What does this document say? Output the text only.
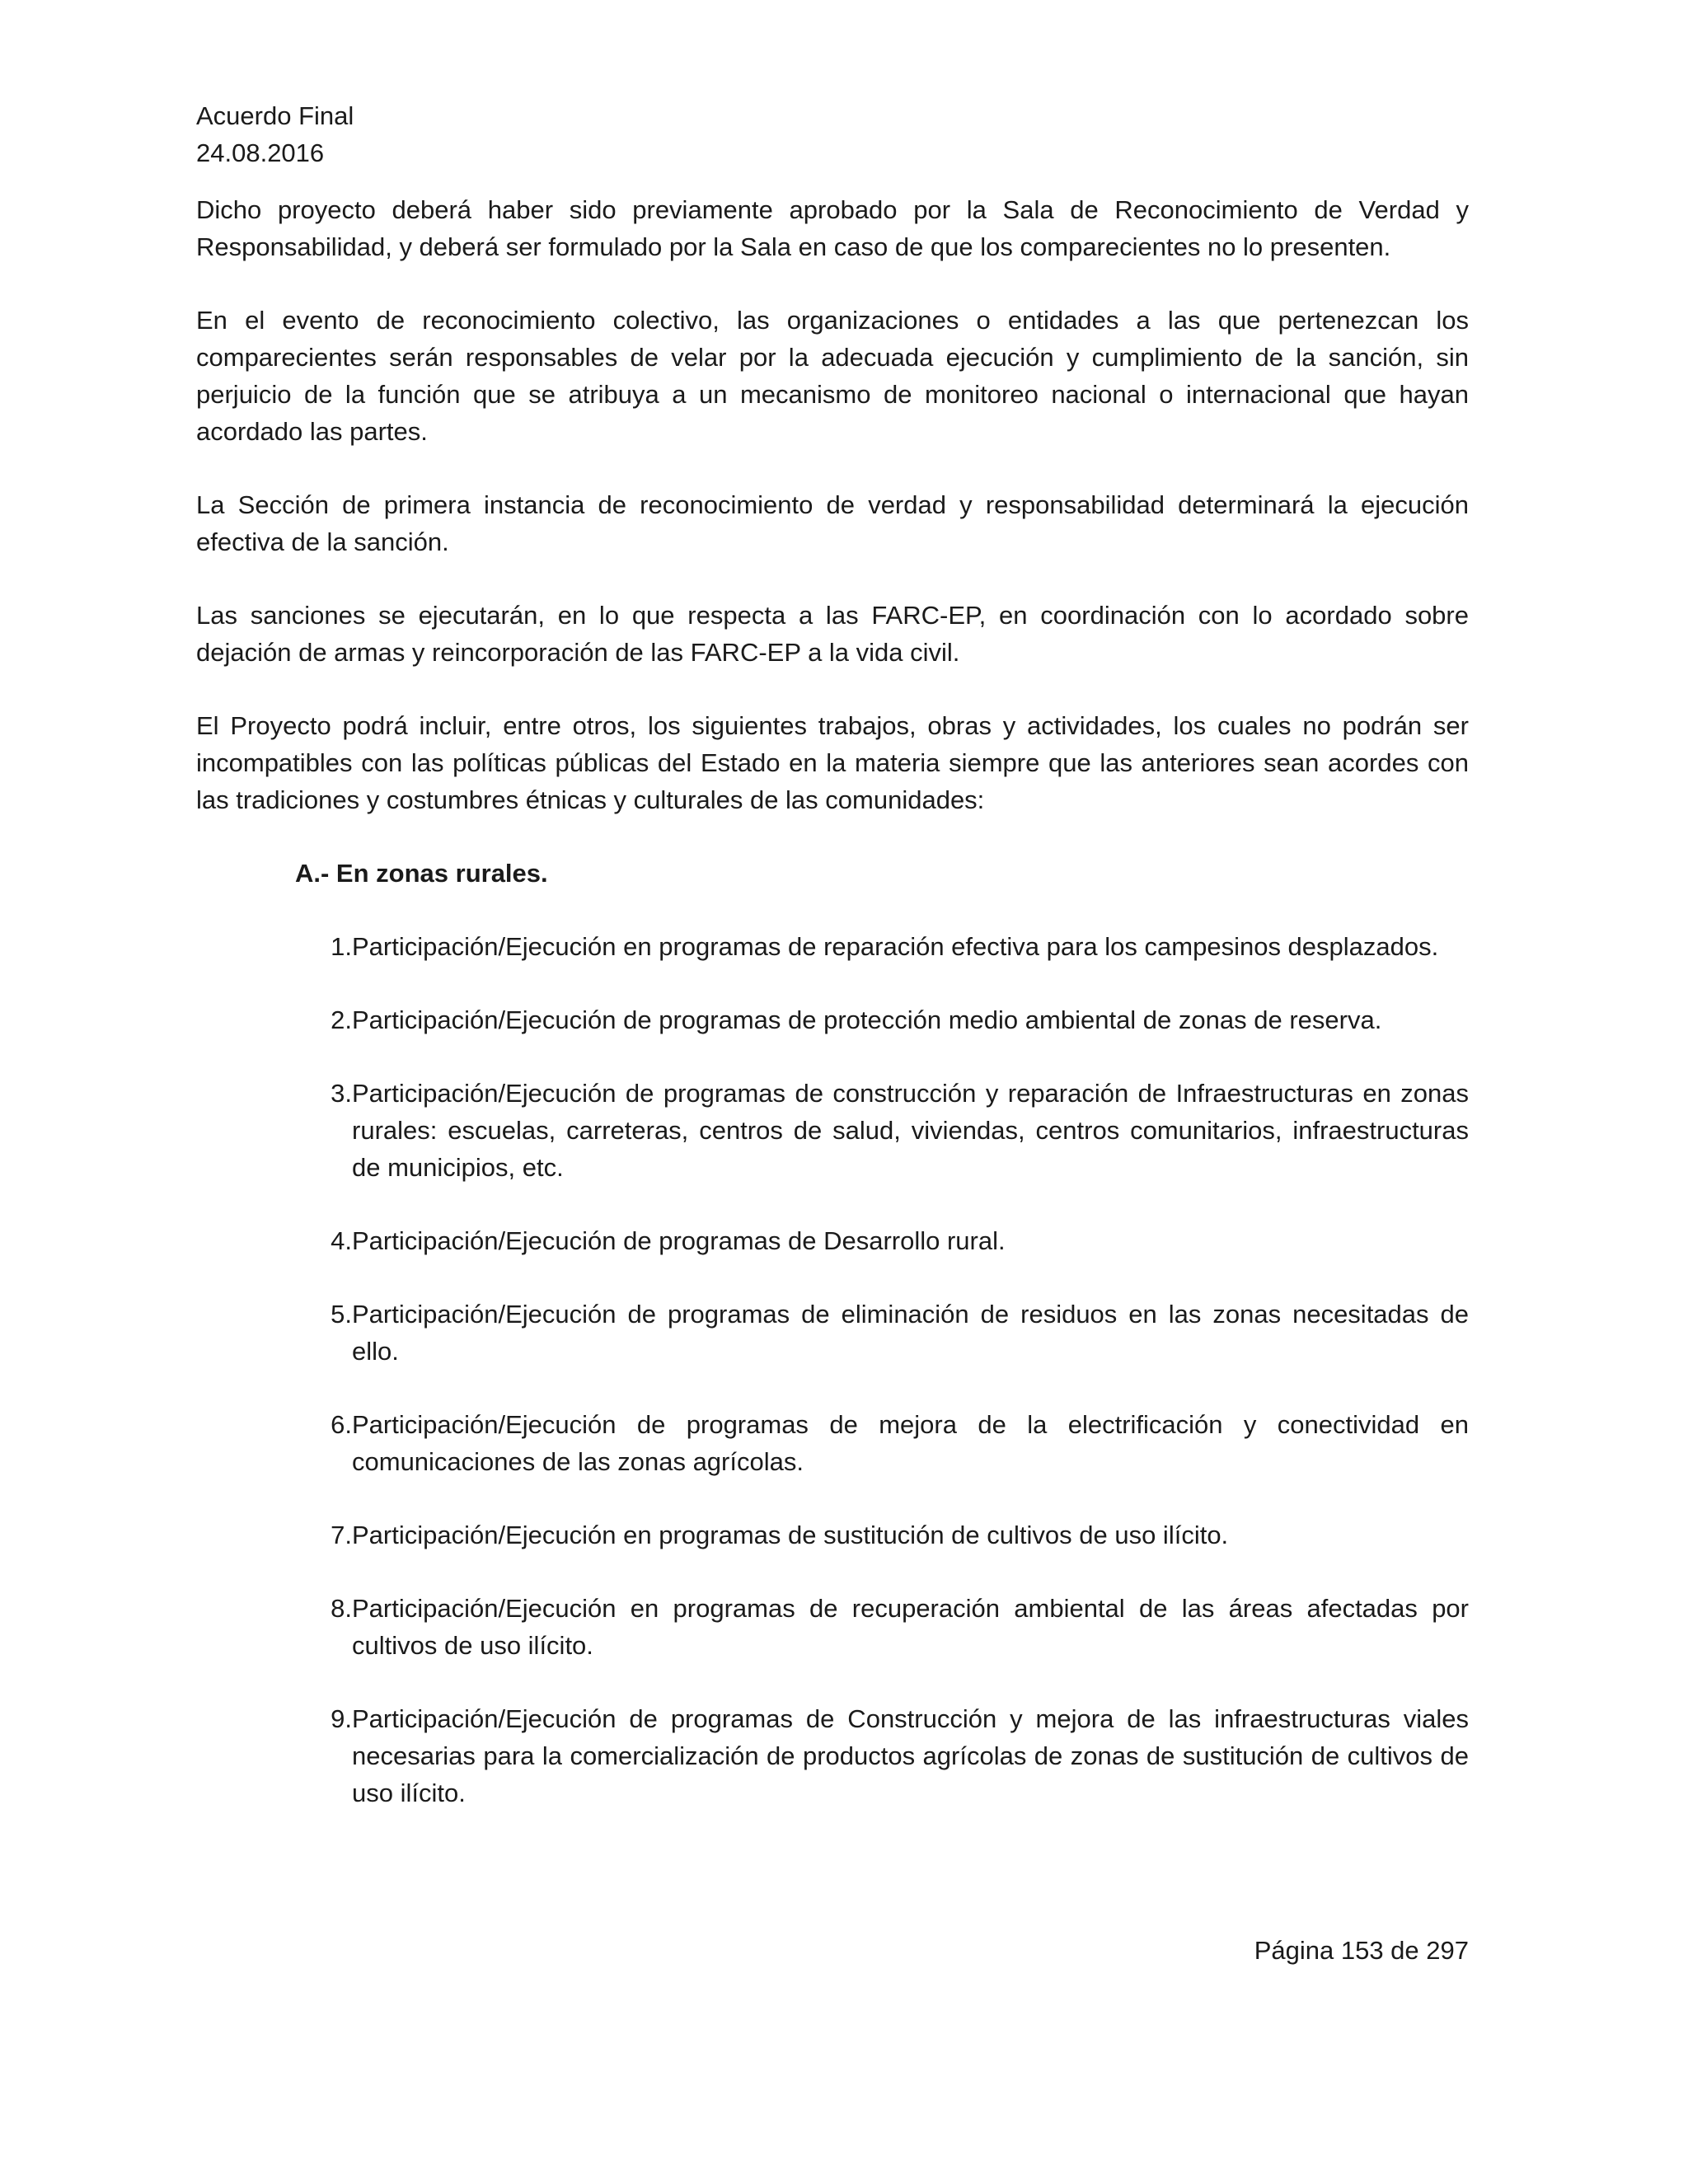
Acuerdo Final
24.08.2016

Dicho proyecto deberá haber sido previamente aprobado por la Sala de Reconocimiento de Verdad y Responsabilidad, y deberá ser formulado por la Sala en caso de que los comparecientes no lo presenten.

En el evento de reconocimiento colectivo, las organizaciones o entidades a las que pertenezcan los comparecientes serán responsables de velar por la adecuada ejecución y cumplimiento de la sanción, sin perjuicio de la función que se atribuya a un mecanismo de monitoreo nacional o internacional que hayan acordado las partes.

La Sección de primera instancia de reconocimiento de verdad y responsabilidad determinará la ejecución efectiva de la sanción.

Las sanciones se ejecutarán, en lo que respecta a las FARC-EP, en coordinación con lo acordado sobre dejación de armas y reincorporación de las FARC-EP a la vida civil.

El Proyecto podrá incluir, entre otros, los siguientes trabajos, obras y actividades, los cuales no podrán ser incompatibles con las políticas públicas del Estado en la materia siempre que las anteriores sean acordes con las tradiciones y costumbres étnicas y culturales de las comunidades:

A.- En zonas rurales.
1. Participación/Ejecución en programas de reparación efectiva para los campesinos desplazados.
2. Participación/Ejecución de programas de protección medio ambiental de zonas de reserva.
3. Participación/Ejecución de programas de construcción y reparación de Infraestructuras en zonas rurales: escuelas, carreteras, centros de salud, viviendas, centros comunitarios, infraestructuras de municipios, etc.
4. Participación/Ejecución de programas de Desarrollo rural.
5. Participación/Ejecución de programas de eliminación de residuos en las zonas necesitadas de ello.
6. Participación/Ejecución de programas de mejora de la electrificación y conectividad en comunicaciones de las zonas agrícolas.
7. Participación/Ejecución en programas de sustitución de cultivos de uso ilícito.
8. Participación/Ejecución en programas de recuperación ambiental de las áreas afectadas por cultivos de uso ilícito.
9. Participación/Ejecución de programas de Construcción y mejora de las infraestructuras viales necesarias para la comercialización de productos agrícolas de zonas de sustitución de cultivos de uso ilícito.
Página 153 de 297
